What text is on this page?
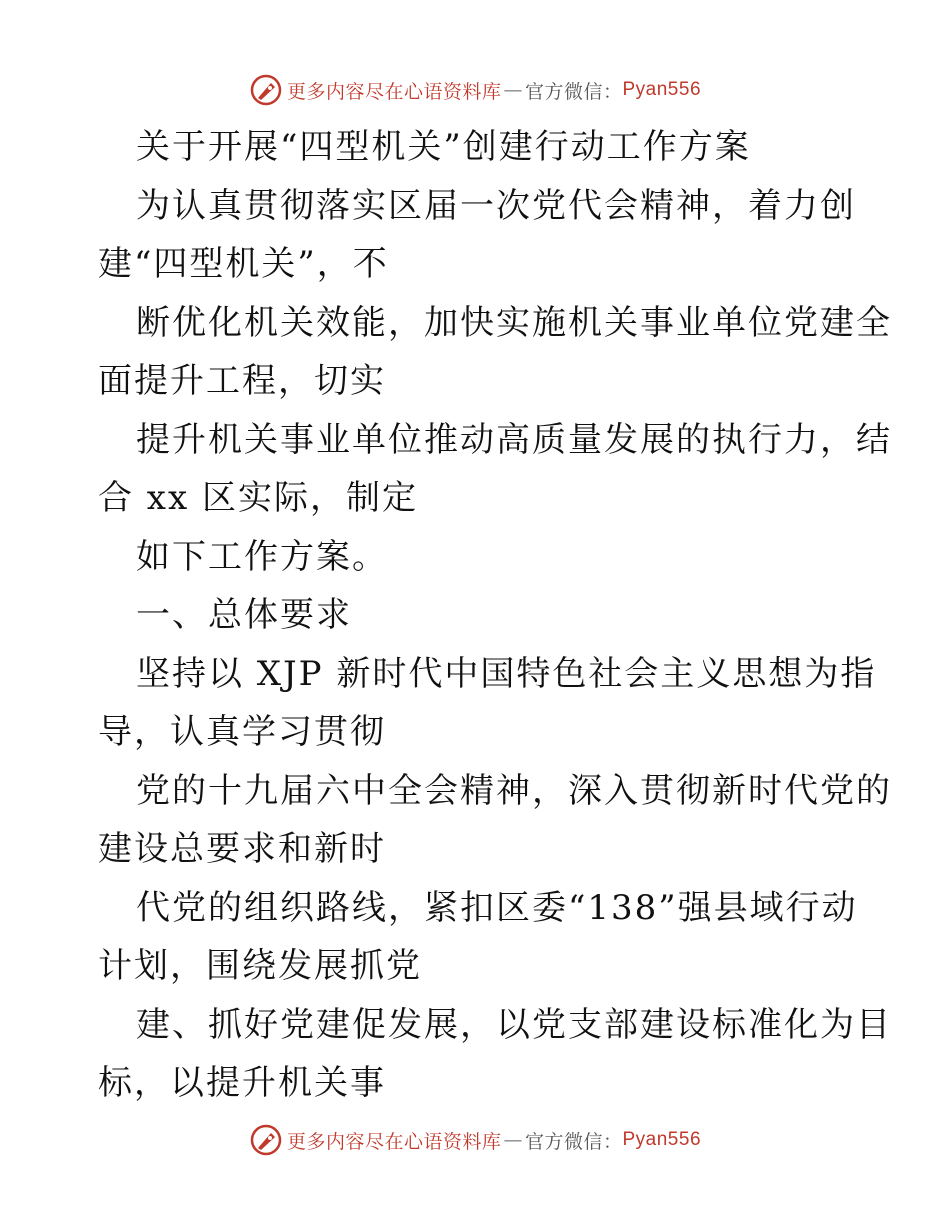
更多内容尽在心语资料库 — 官方微信： Pyan556
关于开展“四型机关”创建行动工作方案
为认真贯彻落实区届一次党代会精神，着力创
建“四型机关”，不
断优化机关效能，加快实施机关事业单位党建全
面提升工程，切实
提升机关事业单位推动高质量发展的执行力，结
合 xx 区实际，制定
如下工作方案。
一、总体要求
坚持以 XJP 新时代中国特色社会主义思想为指
导，认真学习贯彻
党的十九届六中全会精神，深入贯彻新时代党的
建设总要求和新时
代党的组织路线，紧扣区委“138”强县域行动
计划，围绕发展抓党
建、抓好党建促发展，以党支部建设标准化为目
标，以提升机关事
更多内容尽在心语资料库 — 官方微信： Pyan556
